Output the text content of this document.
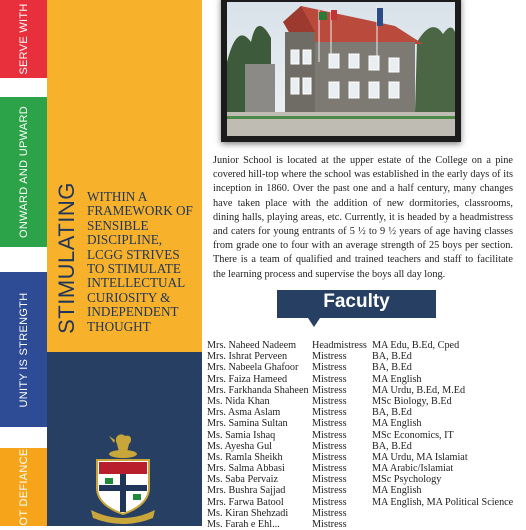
SERVE WITH
ONWARD AND UPWARD
UNITY IS STRENGTH
OT DEFIANCE
STIMULATING WITHIN A FRAMEWORK OF SENSIBLE DISCIPLINE, LCGG STRIVES TO STIMULATE INTELLECTUAL CURIOSITY & INDEPENDENT THOUGHT
Junior School is located at the upper estate of the College on a pine covered hill-top where the school was established in the early days of its inception in 1860. Over the past one and a half century, many changes have taken place with the addition of new dormitories, classrooms, dining halls, playing areas, etc. Currently, it is headed by a headmistress and caters for young entrants of 5 ½ to 9 ½ years of age having classes from grade one to four with an average strength of 25 boys per section. There is a team of qualified and trained teachers and staff to facilitate the learning process and supervise the boys all day long.
Faculty
Mrs. Naheed Nadeem Headmistress MA Edu, B.Ed, Cped
Mrs. Ishrat Perveen Mistress BA, B.Ed
Mrs. Nabeela Ghafoor Mistress BA, B.Ed
Mrs. Faiza Hameed Mistress MA English
Mrs. Farkhanda Shaheen Mistress MA Urdu, B.Ed, M.Ed
Ms. Nida Khan	Mistress MSc Biology, B.Ed
Mrs. Asma Aslam	Mistress BA, B.Ed
Mrs. Samina Sultan Mistress MA English
Ms. Samia Ishaq	Mistress MSc Economics, IT
Ms. Ayesha Gul	Mistress BA, B.Ed
Ms. Ramla Sheikh	Mistress MA Urdu, MA Islamiat
Mrs. Salma Abbasi	Mistress MA Arabic/Islamiat
Ms. Saba Pervaiz	Mistress MSc Psychology
Mrs. Bushra Sajjad	Mistress MA English
Mrs. Farwa Batool	Mistress MA English, MA Political Science
Ms. Kiran Shehzadi Mistress
Ms. Farah e Ehl...	Mistress
